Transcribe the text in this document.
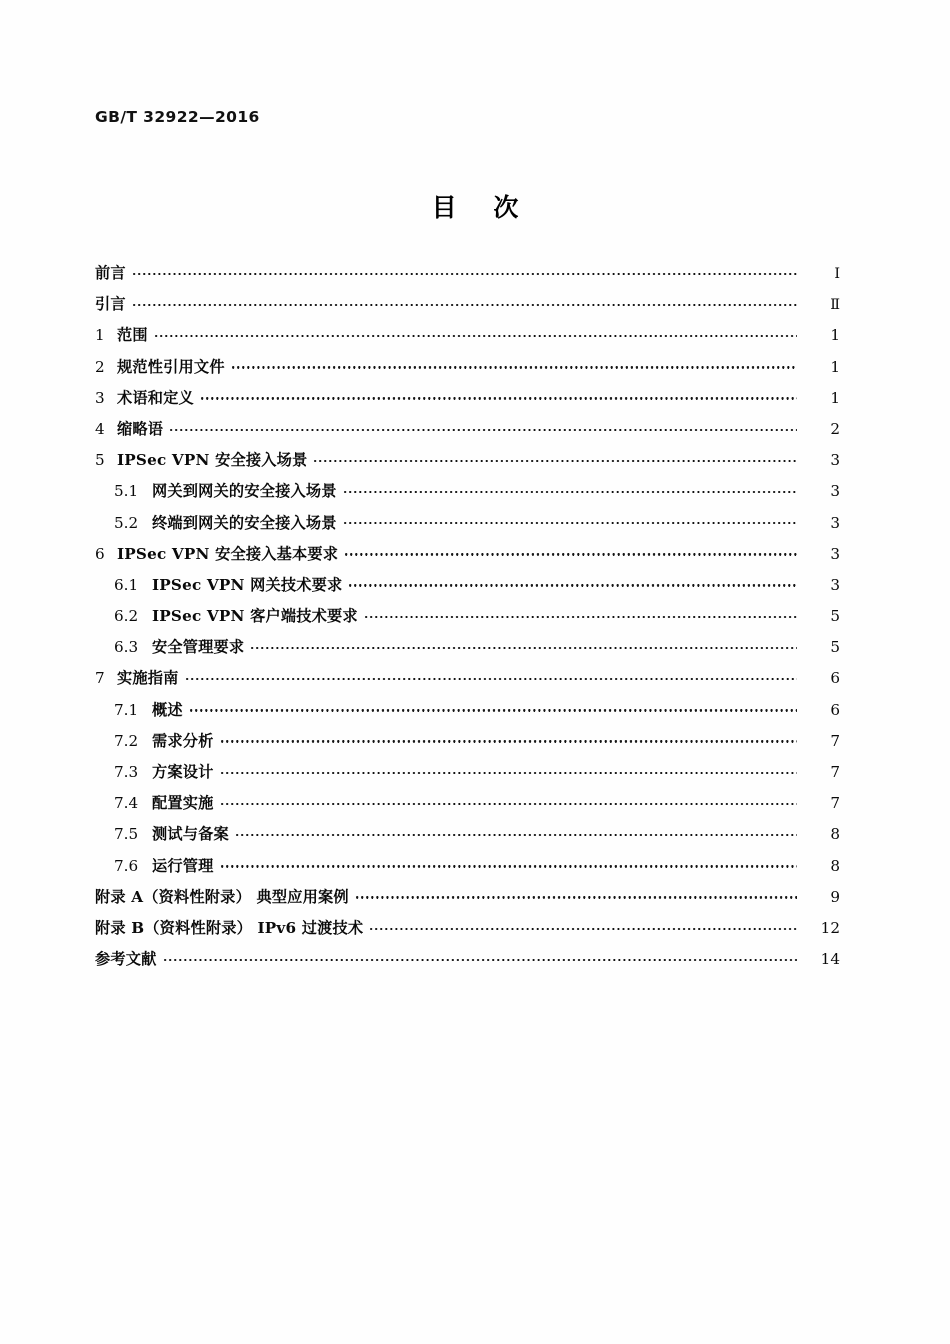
GB/T 32922—2016
目 次
前言	Ⅰ
引言	Ⅱ
1 范围	1
2 规范性引用文件	1
3 术语和定义	1
4 缩略语	2
5 IPSec VPN 安全接入场景	3
5.1 网关到网关的安全接入场景	3
5.2 终端到网关的安全接入场景	3
6 IPSec VPN 安全接入基本要求	3
6.1 IPSec VPN 网关技术要求	3
6.2 IPSec VPN 客户端技术要求	5
6.3 安全管理要求	5
7 实施指南	6
7.1 概述	6
7.2 需求分析	7
7.3 方案设计	7
7.4 配置实施	7
7.5 测试与备案	8
7.6 运行管理	8
附录 A（资料性附录） 典型应用案例	9
附录 B（资料性附录） IPv6 过渡技术	12
参考文献	14
